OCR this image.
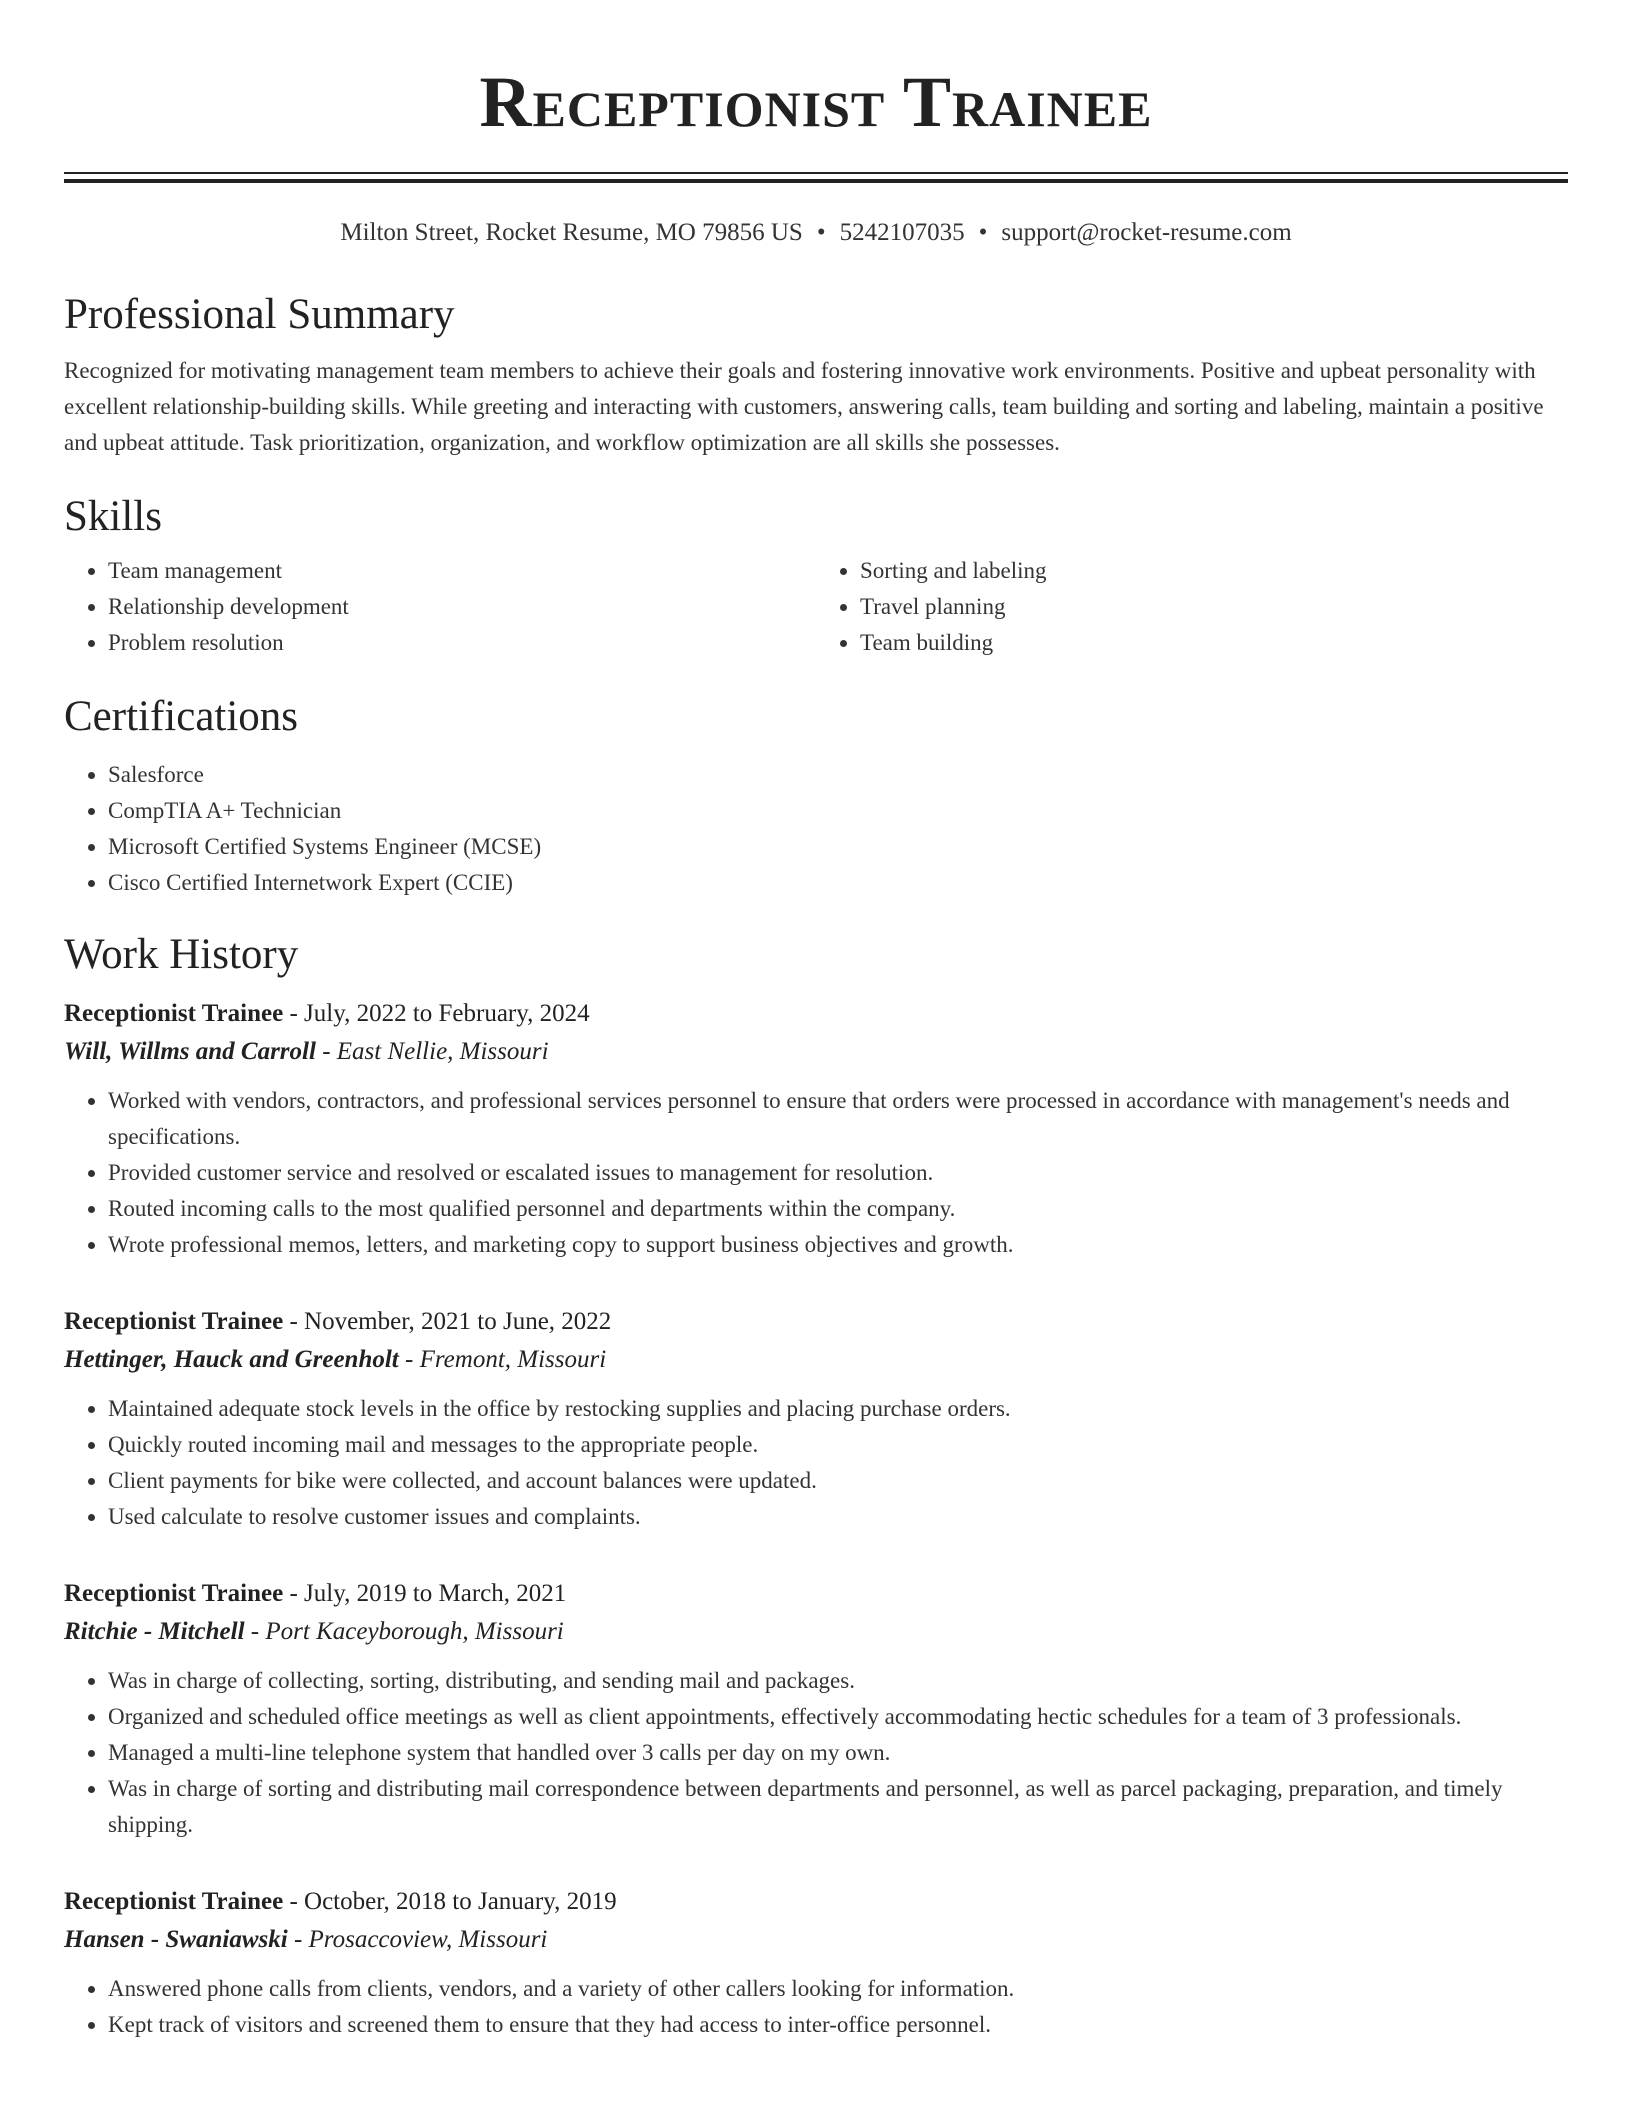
Receptionist Trainee
Milton Street, Rocket Resume, MO 79856 US • 5242107035 • support@rocket-resume.com
Professional Summary

Recognized for motivating management team members to achieve their goals and fostering innovative work environments. Positive and upbeat personality with excellent relationship-building skills. While greeting and interacting with customers, answering calls, team building and sorting and labeling, maintain a positive and upbeat attitude. Task prioritization, organization, and workflow optimization are all skills she possesses.

Skills
• Team management
• Relationship development
• Problem resolution
• Sorting and labeling
• Travel planning
• Team building
Certifications
• Salesforce
• CompTIA A+ Technician
• Microsoft Certified Systems Engineer (MCSE)
• Cisco Certified Internetwork Expert (CCIE)
Work History
Receptionist Trainee - July, 2022 to February, 2024
Will, Willms and Carroll - East Nellie, Missouri
• Worked with vendors, contractors, and professional services personnel to ensure that orders were processed in accordance with management's needs and specifications.
• Provided customer service and resolved or escalated issues to management for resolution.
• Routed incoming calls to the most qualified personnel and departments within the company.
• Wrote professional memos, letters, and marketing copy to support business objectives and growth.
Receptionist Trainee - November, 2021 to June, 2022
Hettinger, Hauck and Greenholt - Fremont, Missouri
• Maintained adequate stock levels in the office by restocking supplies and placing purchase orders.
• Quickly routed incoming mail and messages to the appropriate people.
• Client payments for bike were collected, and account balances were updated.
• Used calculate to resolve customer issues and complaints.
Receptionist Trainee - July, 2019 to March, 2021
Ritchie - Mitchell - Port Kaceyborough, Missouri
• Was in charge of collecting, sorting, distributing, and sending mail and packages.
• Organized and scheduled office meetings as well as client appointments, effectively accommodating hectic schedules for a team of 3 professionals.
• Managed a multi-line telephone system that handled over 3 calls per day on my own.
• Was in charge of sorting and distributing mail correspondence between departments and personnel, as well as parcel packaging, preparation, and timely shipping.
Receptionist Trainee - October, 2018 to January, 2019
Hansen - Swaniawski - Prosaccoview, Missouri
• Answered phone calls from clients, vendors, and a variety of other callers looking for information.
• Kept track of visitors and screened them to ensure that they had access to inter-office personnel.
